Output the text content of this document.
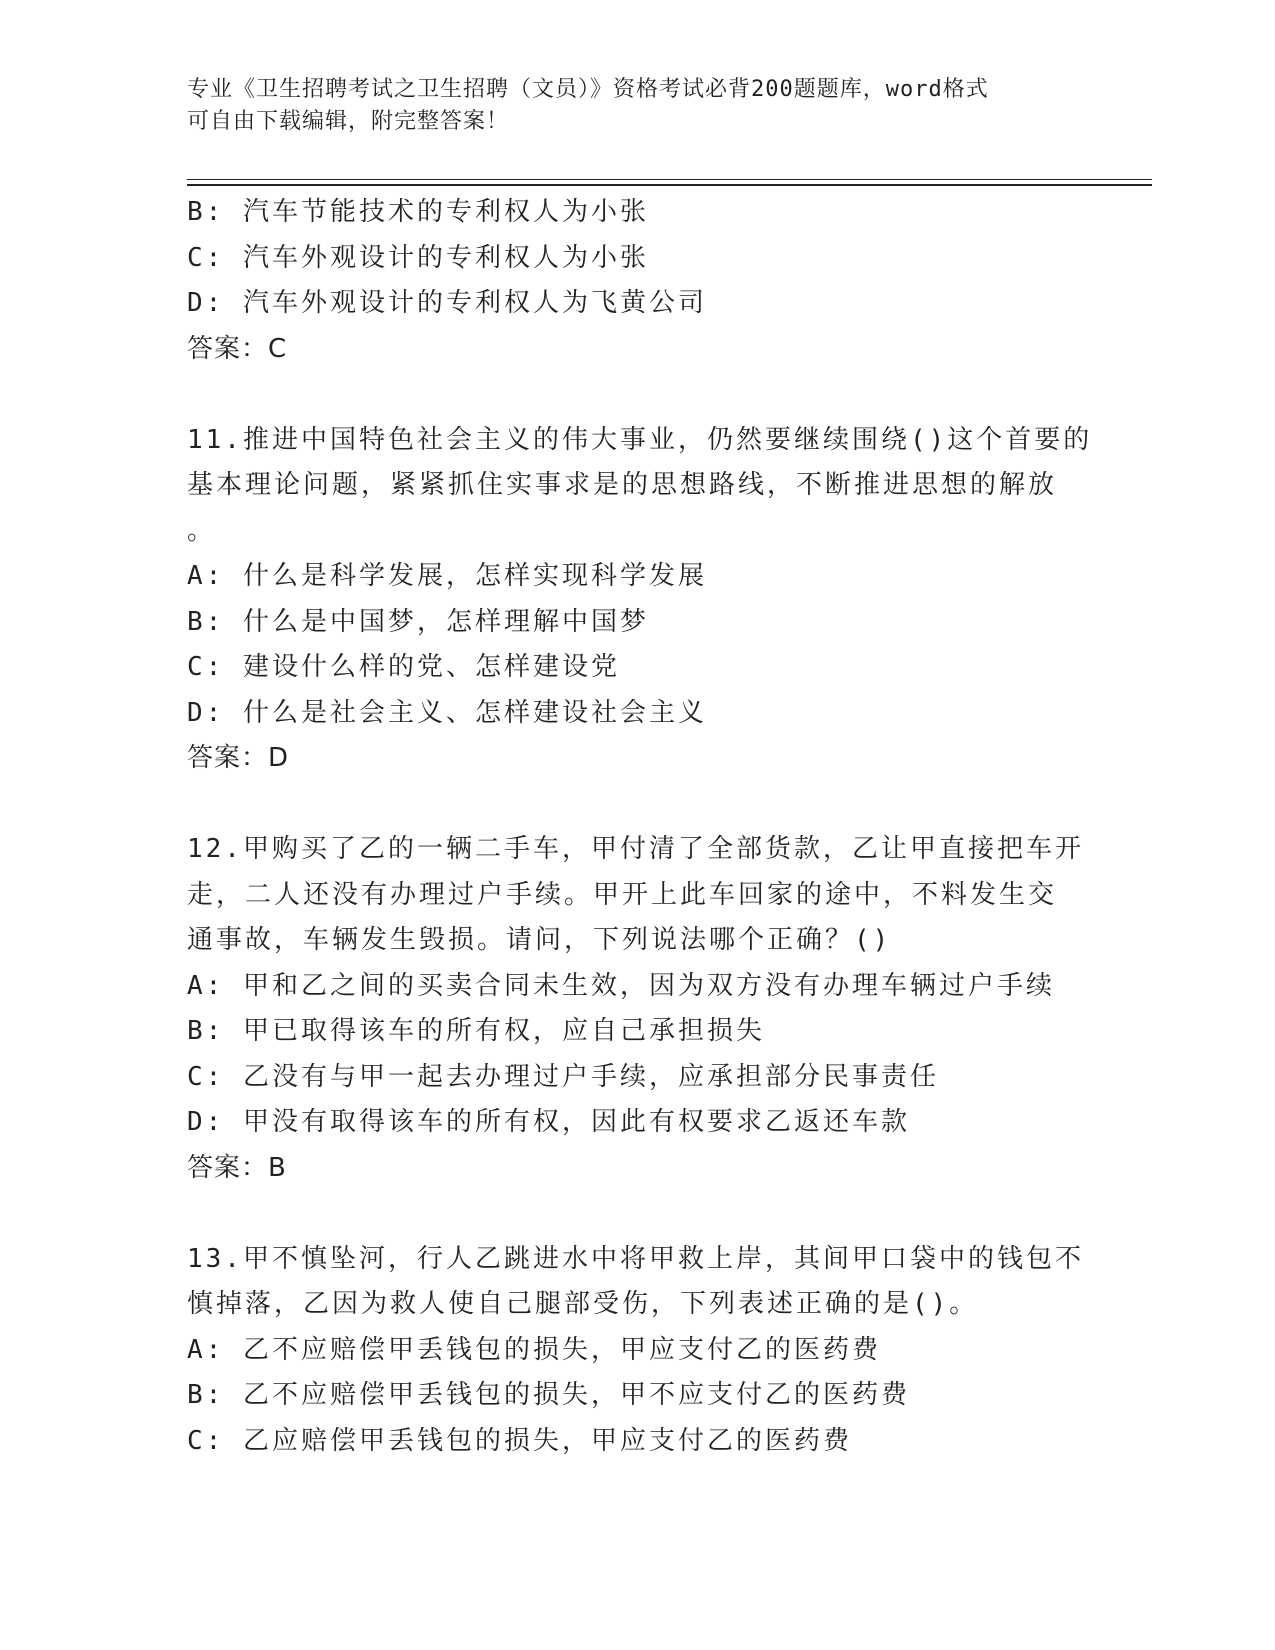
专业《卫生招聘考试之卫生招聘（文员）》资格考试必背200题题库，word格式
可自由下载编辑，附完整答案！
B: 汽车节能技术的专利权人为小张
C: 汽车外观设计的专利权人为小张
D: 汽车外观设计的专利权人为飞黄公司
答案：C
11.推进中国特色社会主义的伟大事业，仍然要继续围绕()这个首要的
基本理论问题，紧紧抓住实事求是的思想路线，不断推进思想的解放
。
A: 什么是科学发展，怎样实现科学发展
B: 什么是中国梦，怎样理解中国梦
C: 建设什么样的党、怎样建设党
D: 什么是社会主义、怎样建设社会主义
答案：D
12.甲购买了乙的一辆二手车，甲付清了全部货款，乙让甲直接把车开
走，二人还没有办理过户手续。甲开上此车回家的途中，不料发生交
通事故，车辆发生毁损。请问，下列说法哪个正确？()
A: 甲和乙之间的买卖合同未生效，因为双方没有办理车辆过户手续
B: 甲已取得该车的所有权，应自己承担损失
C: 乙没有与甲一起去办理过户手续，应承担部分民事责任
D: 甲没有取得该车的所有权，因此有权要求乙返还车款
答案：B
13.甲不慎坠河，行人乙跳进水中将甲救上岸，其间甲口袋中的钱包不
慎掉落，乙因为救人使自己腿部受伤，下列表述正确的是()。
A: 乙不应赔偿甲丢钱包的损失，甲应支付乙的医药费
B: 乙不应赔偿甲丢钱包的损失，甲不应支付乙的医药费
C: 乙应赔偿甲丢钱包的损失，甲应支付乙的医药费
